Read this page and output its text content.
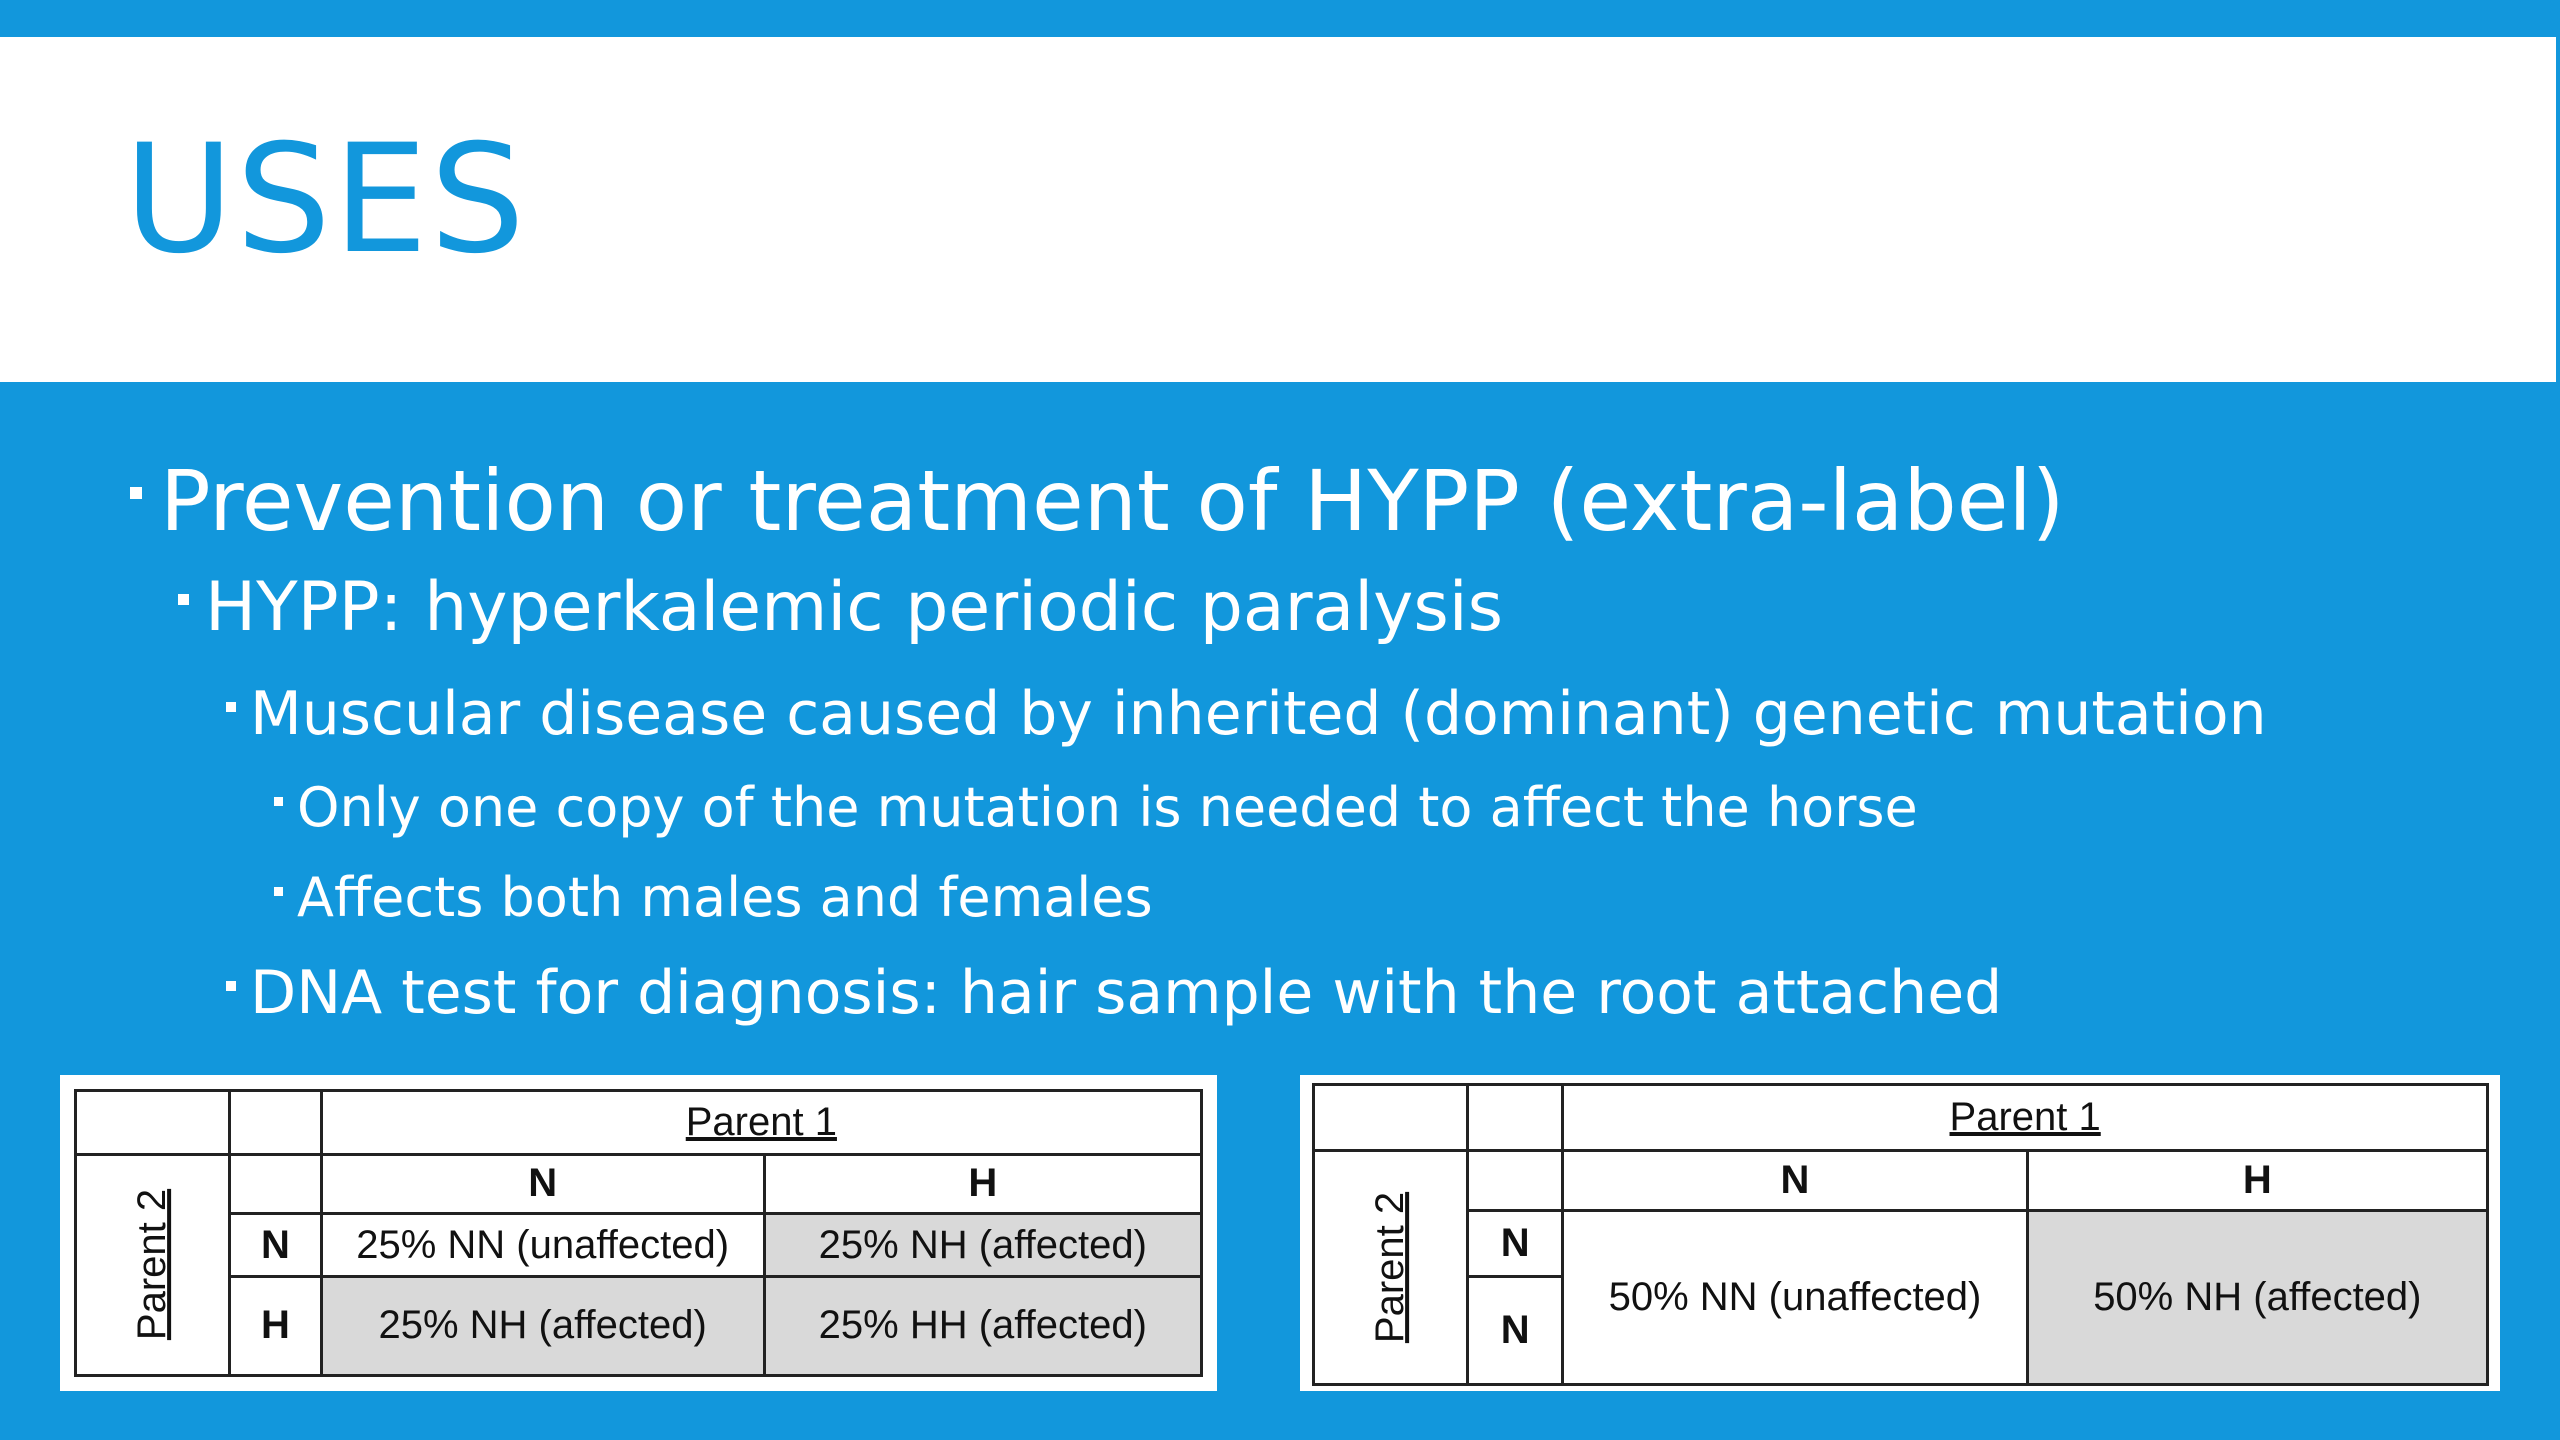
USES
Prevention or treatment of HYPP (extra-label)
HYPP: hyperkalemic periodic paralysis
Muscular disease caused by inherited (dominant) genetic mutation
Only one copy of the mutation is needed to affect the horse
Affects both males and females
DNA test for diagnosis: hair sample with the root attached
		Parent 1	
Parent 2		N	H
	N	25% NN (unaffected)	25% NH (affected)
	H	25% NH (affected)	25% HH (affected)
		Parent 1	
Parent 2		N	H
	N	50% NN (unaffected)	50% NH (affected)
	N		
